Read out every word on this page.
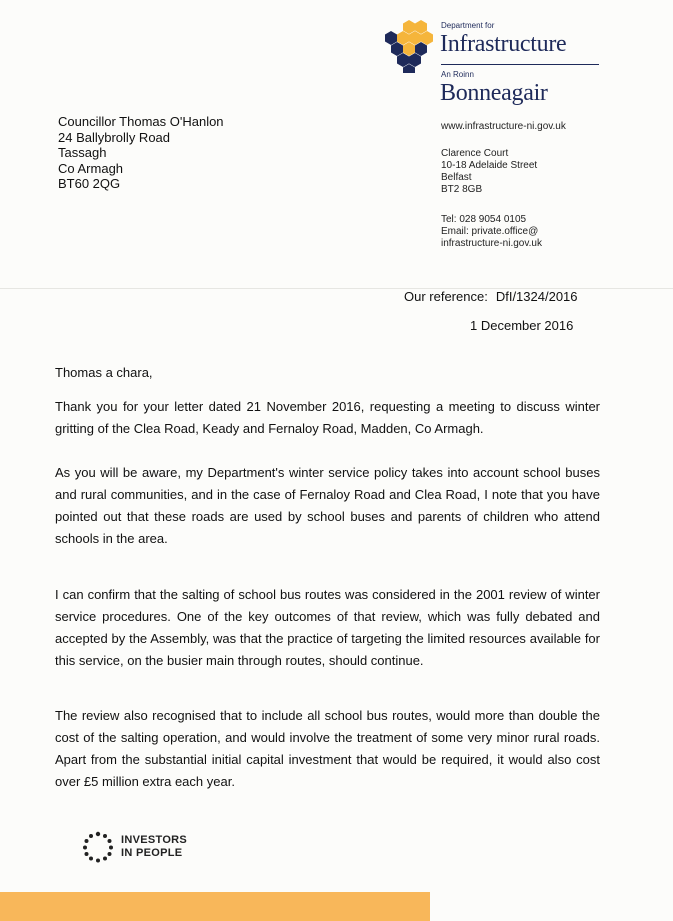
Department for
Infrastructure
An Roinn
Bonneagair
www.infrastructure-ni.gov.uk
Clarence Court
10-18 Adelaide Street
Belfast
BT2 8GB
Tel: 028 9054 0105
Email: private.office@
infrastructure-ni.gov.uk
Councillor Thomas O'Hanlon
24 Ballybrolly Road
Tassagh
Co Armagh
BT60 2QG
Our reference: DfI/1324/2016
1 December 2016
Thomas a chara,
Thank you for your letter dated 21 November 2016, requesting a meeting to discuss winter gritting of the Clea Road, Keady and Fernaloy Road, Madden, Co Armagh.
As you will be aware, my Department's winter service policy takes into account school buses and rural communities, and in the case of Fernaloy Road and Clea Road, I note that you have pointed out that these roads are used by school buses and parents of children who attend schools in the area.
I can confirm that the salting of school bus routes was considered in the 2001 review of winter service procedures. One of the key outcomes of that review, which was fully debated and accepted by the Assembly, was that the practice of targeting the limited resources available for this service, on the busier main through routes, should continue.
The review also recognised that to include all school bus routes, would more than double the cost of the salting operation, and would involve the treatment of some very minor rural roads. Apart from the substantial initial capital investment that would be required, it would also cost over £5 million extra each year.
INVESTORS
IN PEOPLE
